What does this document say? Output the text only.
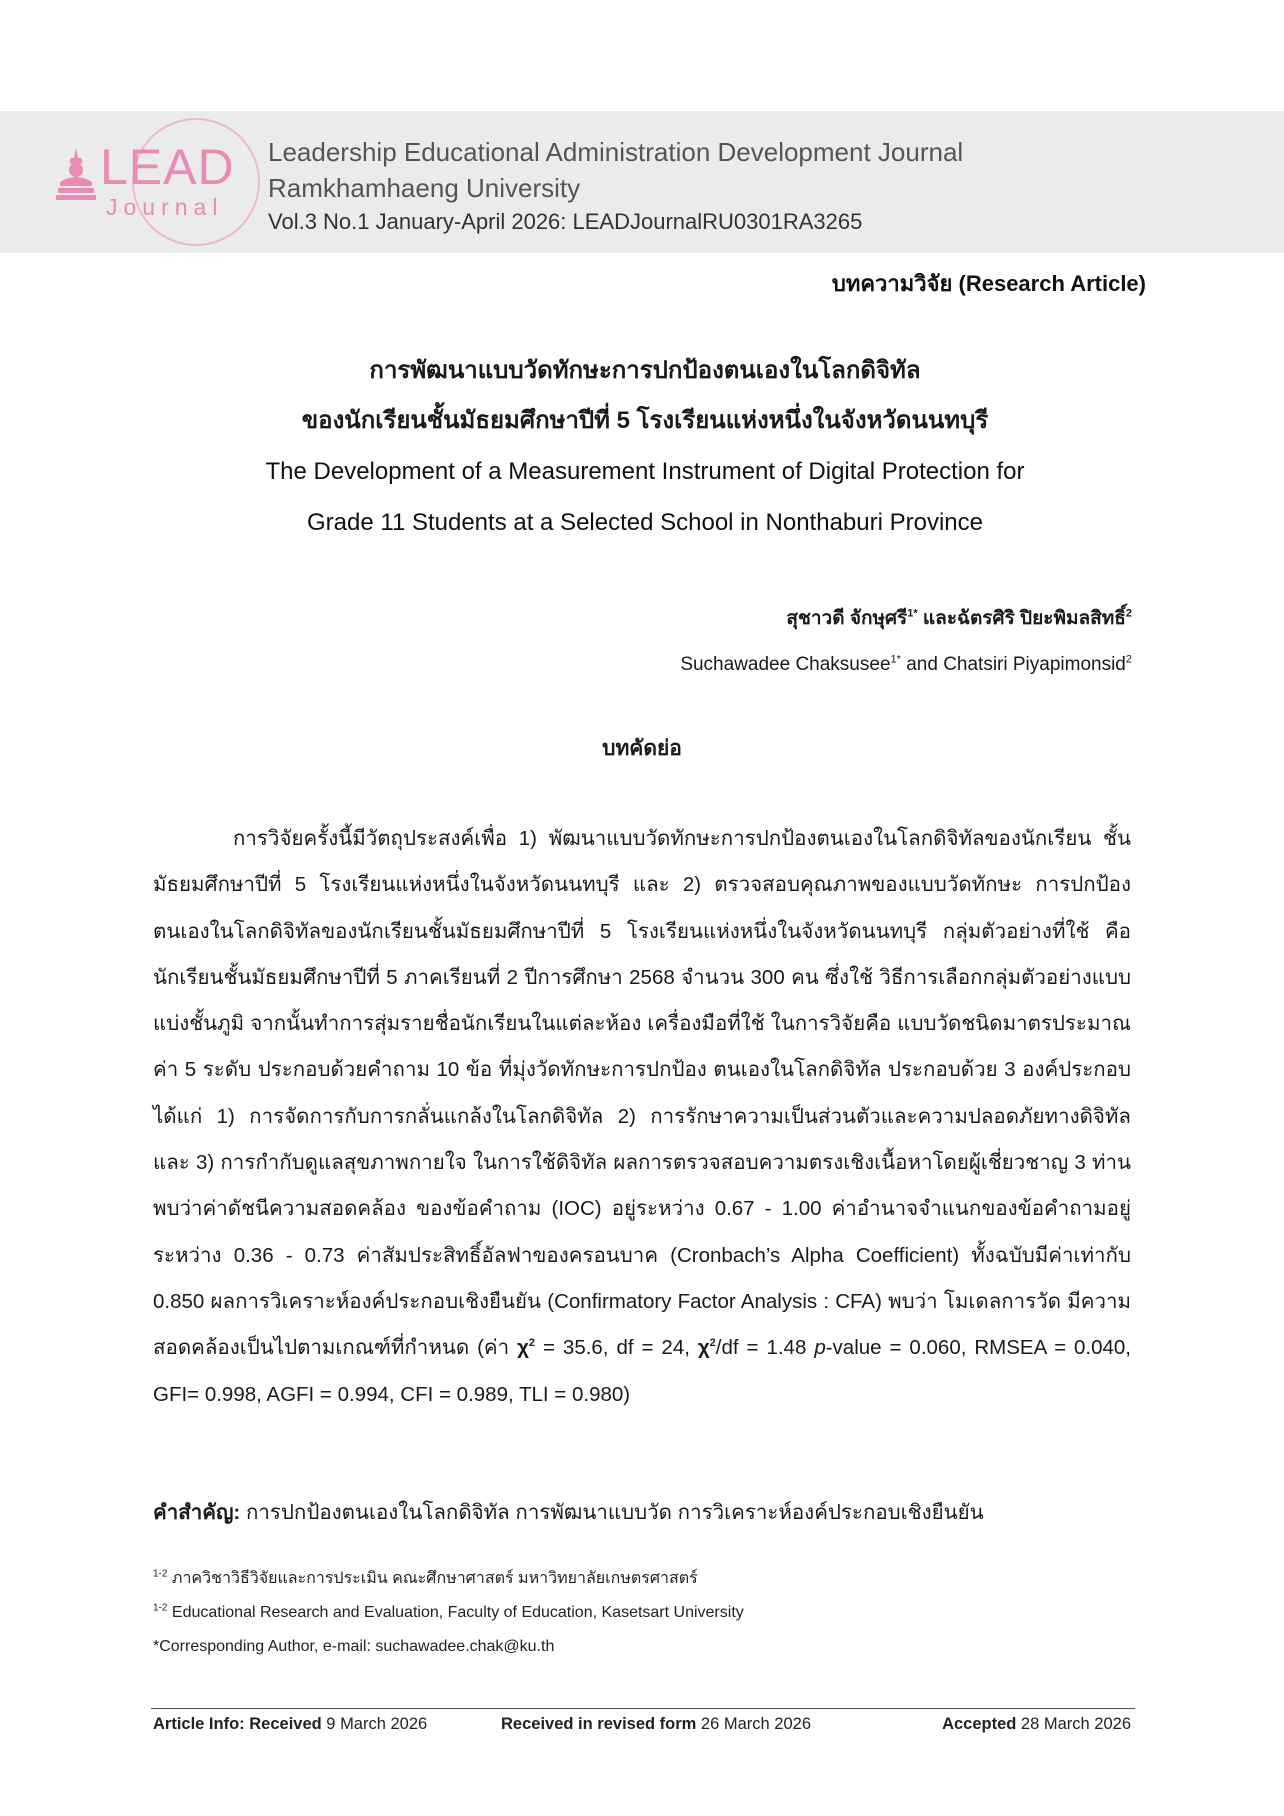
LEAD
Journal
Leadership Educational Administration Development Journal
Ramkhamhaeng University
Vol.3 No.1 January-April 2026: LEADJournalRU0301RA3265
บทความวิจัย (Research Article)
การพัฒนาแบบวัดทักษะการปกป้องตนเองในโลกดิจิทัล
ของนักเรียนชั้นมัธยมศึกษาปีที่ 5 โรงเรียนแห่งหนึ่งในจังหวัดนนทบุรี
The Development of a Measurement Instrument of Digital Protection for
Grade 11 Students at a Selected School in Nonthaburi Province
สุชาวดี จักษุศรี$^{1*}$ และฉัตรศิริ ปิยะพิมลสิทธิ์$^2$
Suchawadee Chaksusee$^{1*}$ and Chatsiri Piyapimonsid$^2$
บทคัดย่อ
การวิจัยครั้งนี้มีวัตถุประสงค์เพื่อ 1) พัฒนาแบบวัดทักษะการปกป้องตนเองในโลกดิจิทัลของนักเรียน ชั้นมัธยมศึกษาปีที่ 5 โรงเรียนแห่งหนึ่งในจังหวัดนนทบุรี และ 2) ตรวจสอบคุณภาพของแบบวัดทักษะ การปกป้องตนเองในโลกดิจิทัลของนักเรียนชั้นมัธยมศึกษาปีที่ 5 โรงเรียนแห่งหนึ่งในจังหวัดนนทบุรี กลุ่มตัวอย่างที่ใช้ คือ นักเรียนชั้นมัธยมศึกษาปีที่ 5 ภาคเรียนที่ 2 ปีการศึกษา 2568 จำนวน 300 คน ซึ่งใช้ วิธีการเลือกกลุ่มตัวอย่างแบบแบ่งชั้นภูมิ จากนั้นทำการสุ่มรายชื่อนักเรียนในแต่ละห้อง เครื่องมือที่ใช้ ในการวิจัยคือ แบบวัดชนิดมาตรประมาณค่า 5 ระดับ ประกอบด้วยคำถาม 10 ข้อ ที่มุ่งวัดทักษะการปกป้อง ตนเองในโลกดิจิทัล ประกอบด้วย 3 องค์ประกอบ ได้แก่ 1) การจัดการกับการกลั่นแกล้งในโลกดิจิทัล 2) การรักษาความเป็นส่วนตัวและความปลอดภัยทางดิจิทัล และ 3) การกำกับดูแลสุขภาพกายใจ ในการใช้ดิจิทัล ผลการตรวจสอบความตรงเชิงเนื้อหาโดยผู้เชี่ยวชาญ 3 ท่าน พบว่าค่าดัชนีความสอดคล้อง ของข้อคำถาม (IOC) อยู่ระหว่าง 0.67 - 1.00 ค่าอำนาจจำแนกของข้อคำถามอยู่ระหว่าง 0.36 - 0.73 ค่าสัมประสิทธิ์อัลฟาของครอนบาค (Cronbach’s Alpha Coefficient) ทั้งฉบับมีค่าเท่ากับ 0.850 ผลการวิเคราะห์องค์ประกอบเชิงยืนยัน (Confirmatory Factor Analysis : CFA) พบว่า โมเดลการวัด มีความสอดคล้องเป็นไปตามเกณฑ์ที่กำหนด (ค่า $\chi^2 = 35.6$, df = 24, $\chi^2/df = 1.48$ p-value = 0.060, RMSEA = 0.040, GFI= 0.998, AGFI = 0.994, CFI = 0.989, TLI = 0.980)
คำสำคัญ: การปกป้องตนเองในโลกดิจิทัล การพัฒนาแบบวัด การวิเคราะห์องค์ประกอบเชิงยืนยัน
$^{1-2}$ ภาควิชาวิธีวิจัยและการประเมิน คณะศึกษาศาสตร์ มหาวิทยาลัยเกษตรศาสตร์
$^{1-2}$ Educational Research and Evaluation, Faculty of Education, Kasetsart University
*Corresponding Author, e-mail: suchawadee.chak@ku.th
Article Info: Received 9 March 2026	Received in revised form 26 March 2026	Accepted 28 March 2026
